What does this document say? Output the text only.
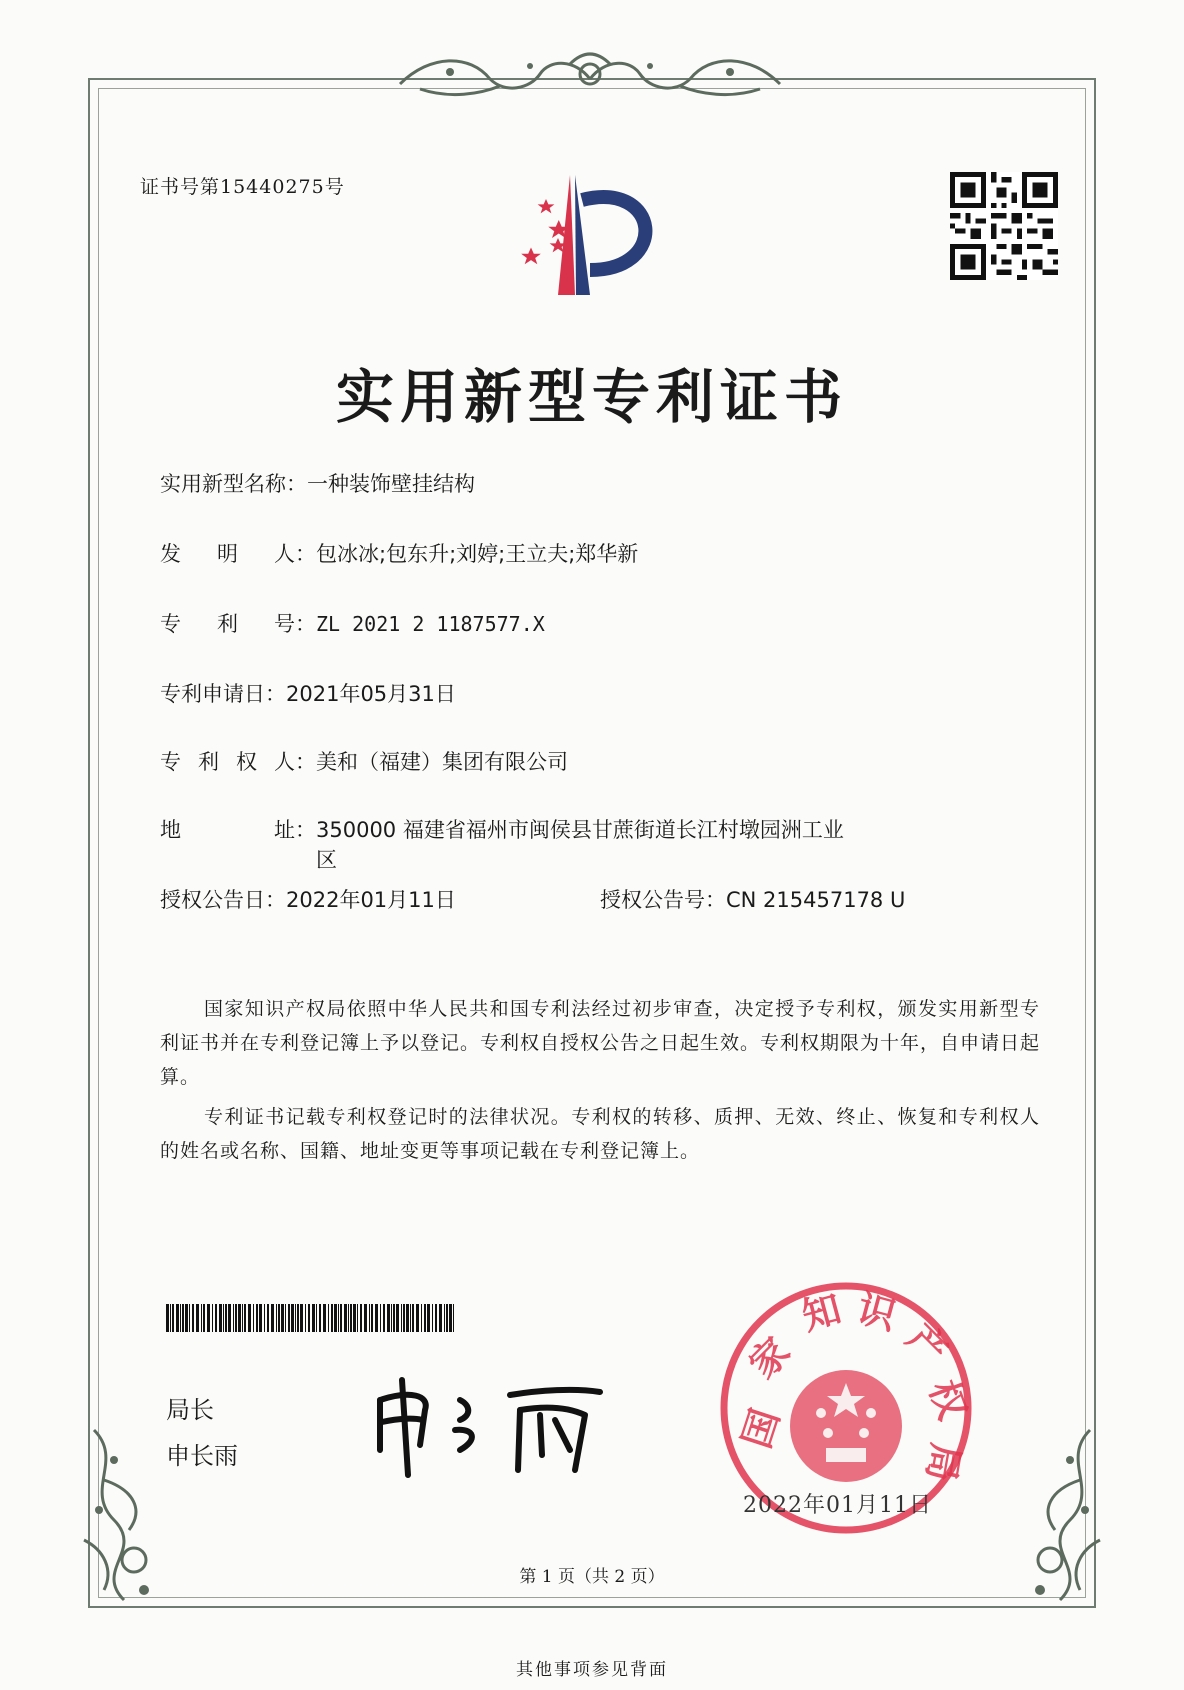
证书号第15440275号
实用新型专利证书
实用新型名称：一种装饰壁挂结构
发 明 人 ：包冰冰;包东升;刘婷;王立夫;郑华新
专 利 号 ：ZL 2021 2 1187577.X
专利申请日：2021年05月31日
专 利 权 人 ：美和（福建）集团有限公司
地	址 ：350000 福建省福州市闽侯县甘蔗街道长江村墩园洲工业
区
授权公告日：2022年01月11日	授权公告号：CN 215457178 U
国家知识产权局依照中华人民共和国专利法经过初步审查，决定授予专利权，颁发实用新型专利证书并在专利登记簿上予以登记。专利权自授权公告之日起生效。专利权期限为十年，自申请日起算。
专利证书记载专利权登记时的法律状况。专利权的转移、质押、无效、终止、恢复和专利权人的姓名或名称、国籍、地址变更等事项记载在专利登记簿上。
局长
申长雨
国
家
知 识
产
权
局
2022年01月11日
第 1 页（共 2 页）
其他事项参见背面
